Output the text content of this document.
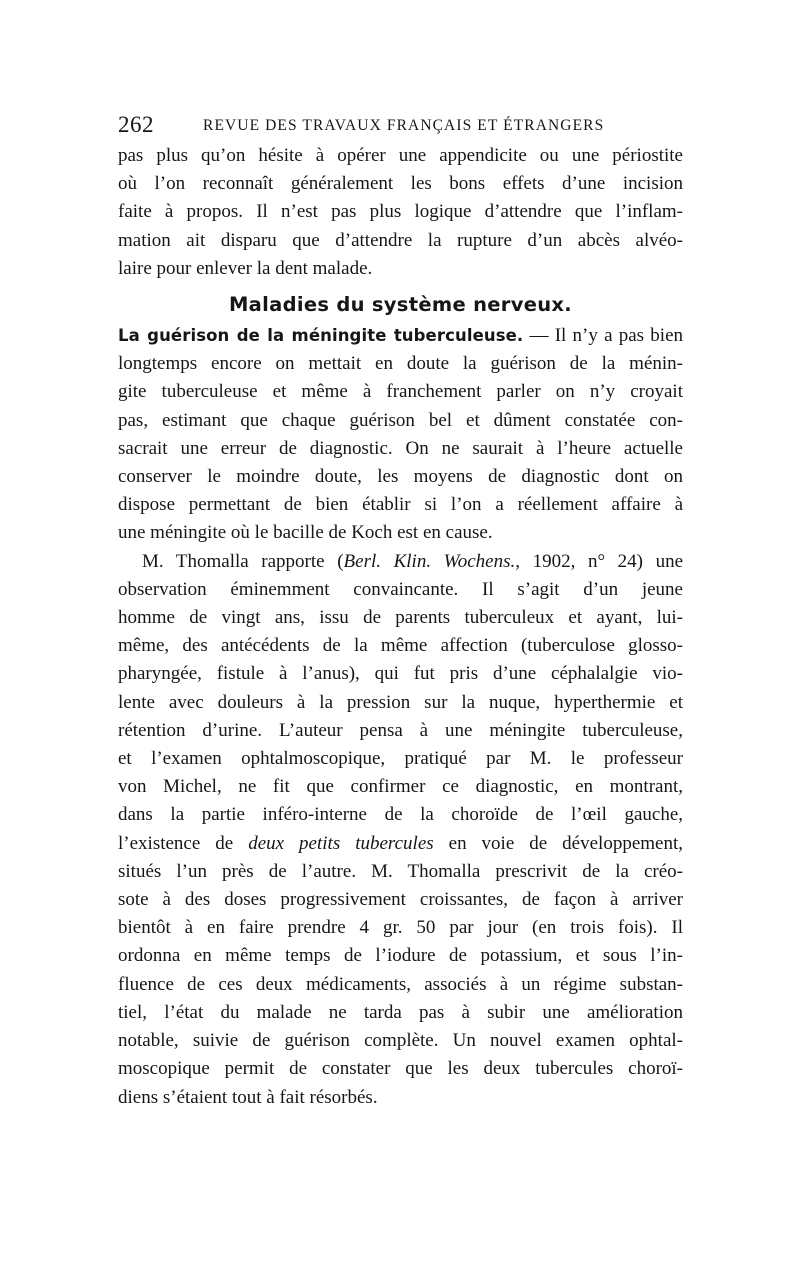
262	REVUE DES TRAVAUX FRANÇAIS ET ÉTRANGERS

pas plus qu’on hésite à opérer une appendicite ou une périostite
où l’on reconnaît généralement les bons effets d’une incision
faite à propos. Il n’est pas plus logique d’attendre que l’inflam-
mation ait disparu que d’attendre la rupture d’un abcès alvéo-
laire pour enlever la dent malade.

Maladies du système nerveux.

La guérison de la méningite tuberculeuse. — Il n’y a pas bien
longtemps encore on mettait en doute la guérison de la ménin-
gite tuberculeuse et même à franchement parler on n’y croyait
pas, estimant que chaque guérison bel et dûment constatée con-
sacrait une erreur de diagnostic. On ne saurait à l’heure actuelle
conserver le moindre doute, les moyens de diagnostic dont on
dispose permettant de bien établir si l’on a réellement affaire à
une méningite où le bacille de Koch est en cause.

M. Thomalla rapporte (Berl. Klin. Wochens., 1902, n° 24) une
observation éminemment convaincante. Il s’agit d’un jeune
homme de vingt ans, issu de parents tuberculeux et ayant, lui-
même, des antécédents de la même affection (tuberculose glosso-
pharyngée, fistule à l’anus), qui fut pris d’une céphalalgie vio-
lente avec douleurs à la pression sur la nuque, hyperthermie et
rétention d’urine. L’auteur pensa à une méningite tuberculeuse,
et l’examen ophtalmoscopique, pratiqué par M. le professeur
von Michel, ne fit que confirmer ce diagnostic, en montrant,
dans la partie inféro-interne de la choroïde de l’œil gauche,
l’existence de deux petits tubercules en voie de développement,
situés l’un près de l’autre. M. Thomalla prescrivit de la créo-
sote à des doses progressivement croissantes, de façon à arriver
bientôt à en faire prendre 4 gr. 50 par jour (en trois fois). Il
ordonna en même temps de l’iodure de potassium, et sous l’in-
fluence de ces deux médicaments, associés à un régime substan-
tiel, l’état du malade ne tarda pas à subir une amélioration
notable, suivie de guérison complète. Un nouvel examen ophtal-
moscopique permit de constater que les deux tubercules choroï-
diens s’étaient tout à fait résorbés.
